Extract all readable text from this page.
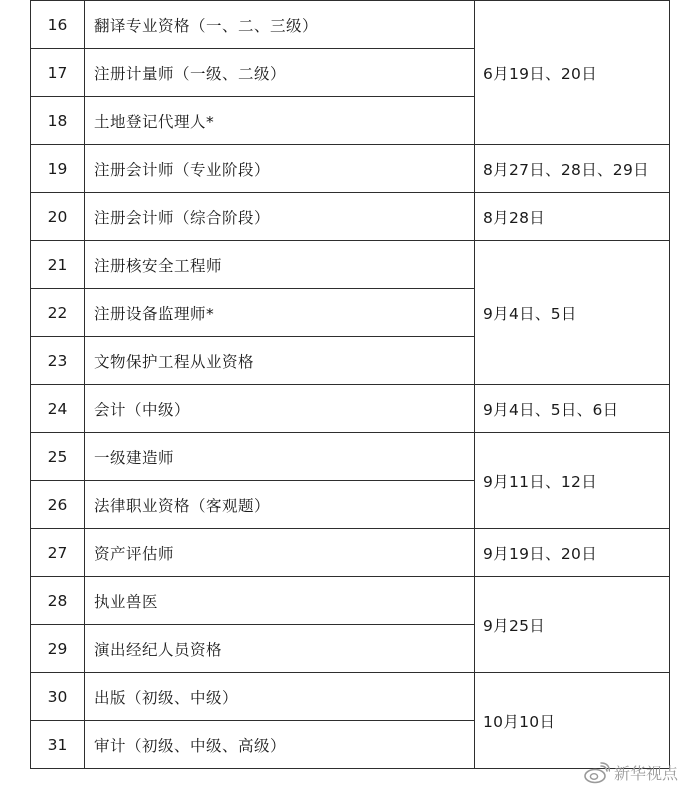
16	翻译专业资格（一、二、三级）	6月19日、20日
17	注册计量师（一级、二级）	
18	土地登记代理人*	
19	注册会计师（专业阶段）	8月27日、28日、29日
20	注册会计师（综合阶段）	8月28日
21	注册核安全工程师	9月4日、5日
22	注册设备监理师*	
23	文物保护工程从业资格	
24	会计（中级）	9月4日、5日、6日
25	一级建造师	9月11日、12日
26	法律职业资格（客观题）	
27	资产评估师	9月19日、20日
28	执业兽医	9月25日
29	演出经纪人员资格	
30	出版（初级、中级）	10月10日
31	审计（初级、中级、高级）	
新华视点
